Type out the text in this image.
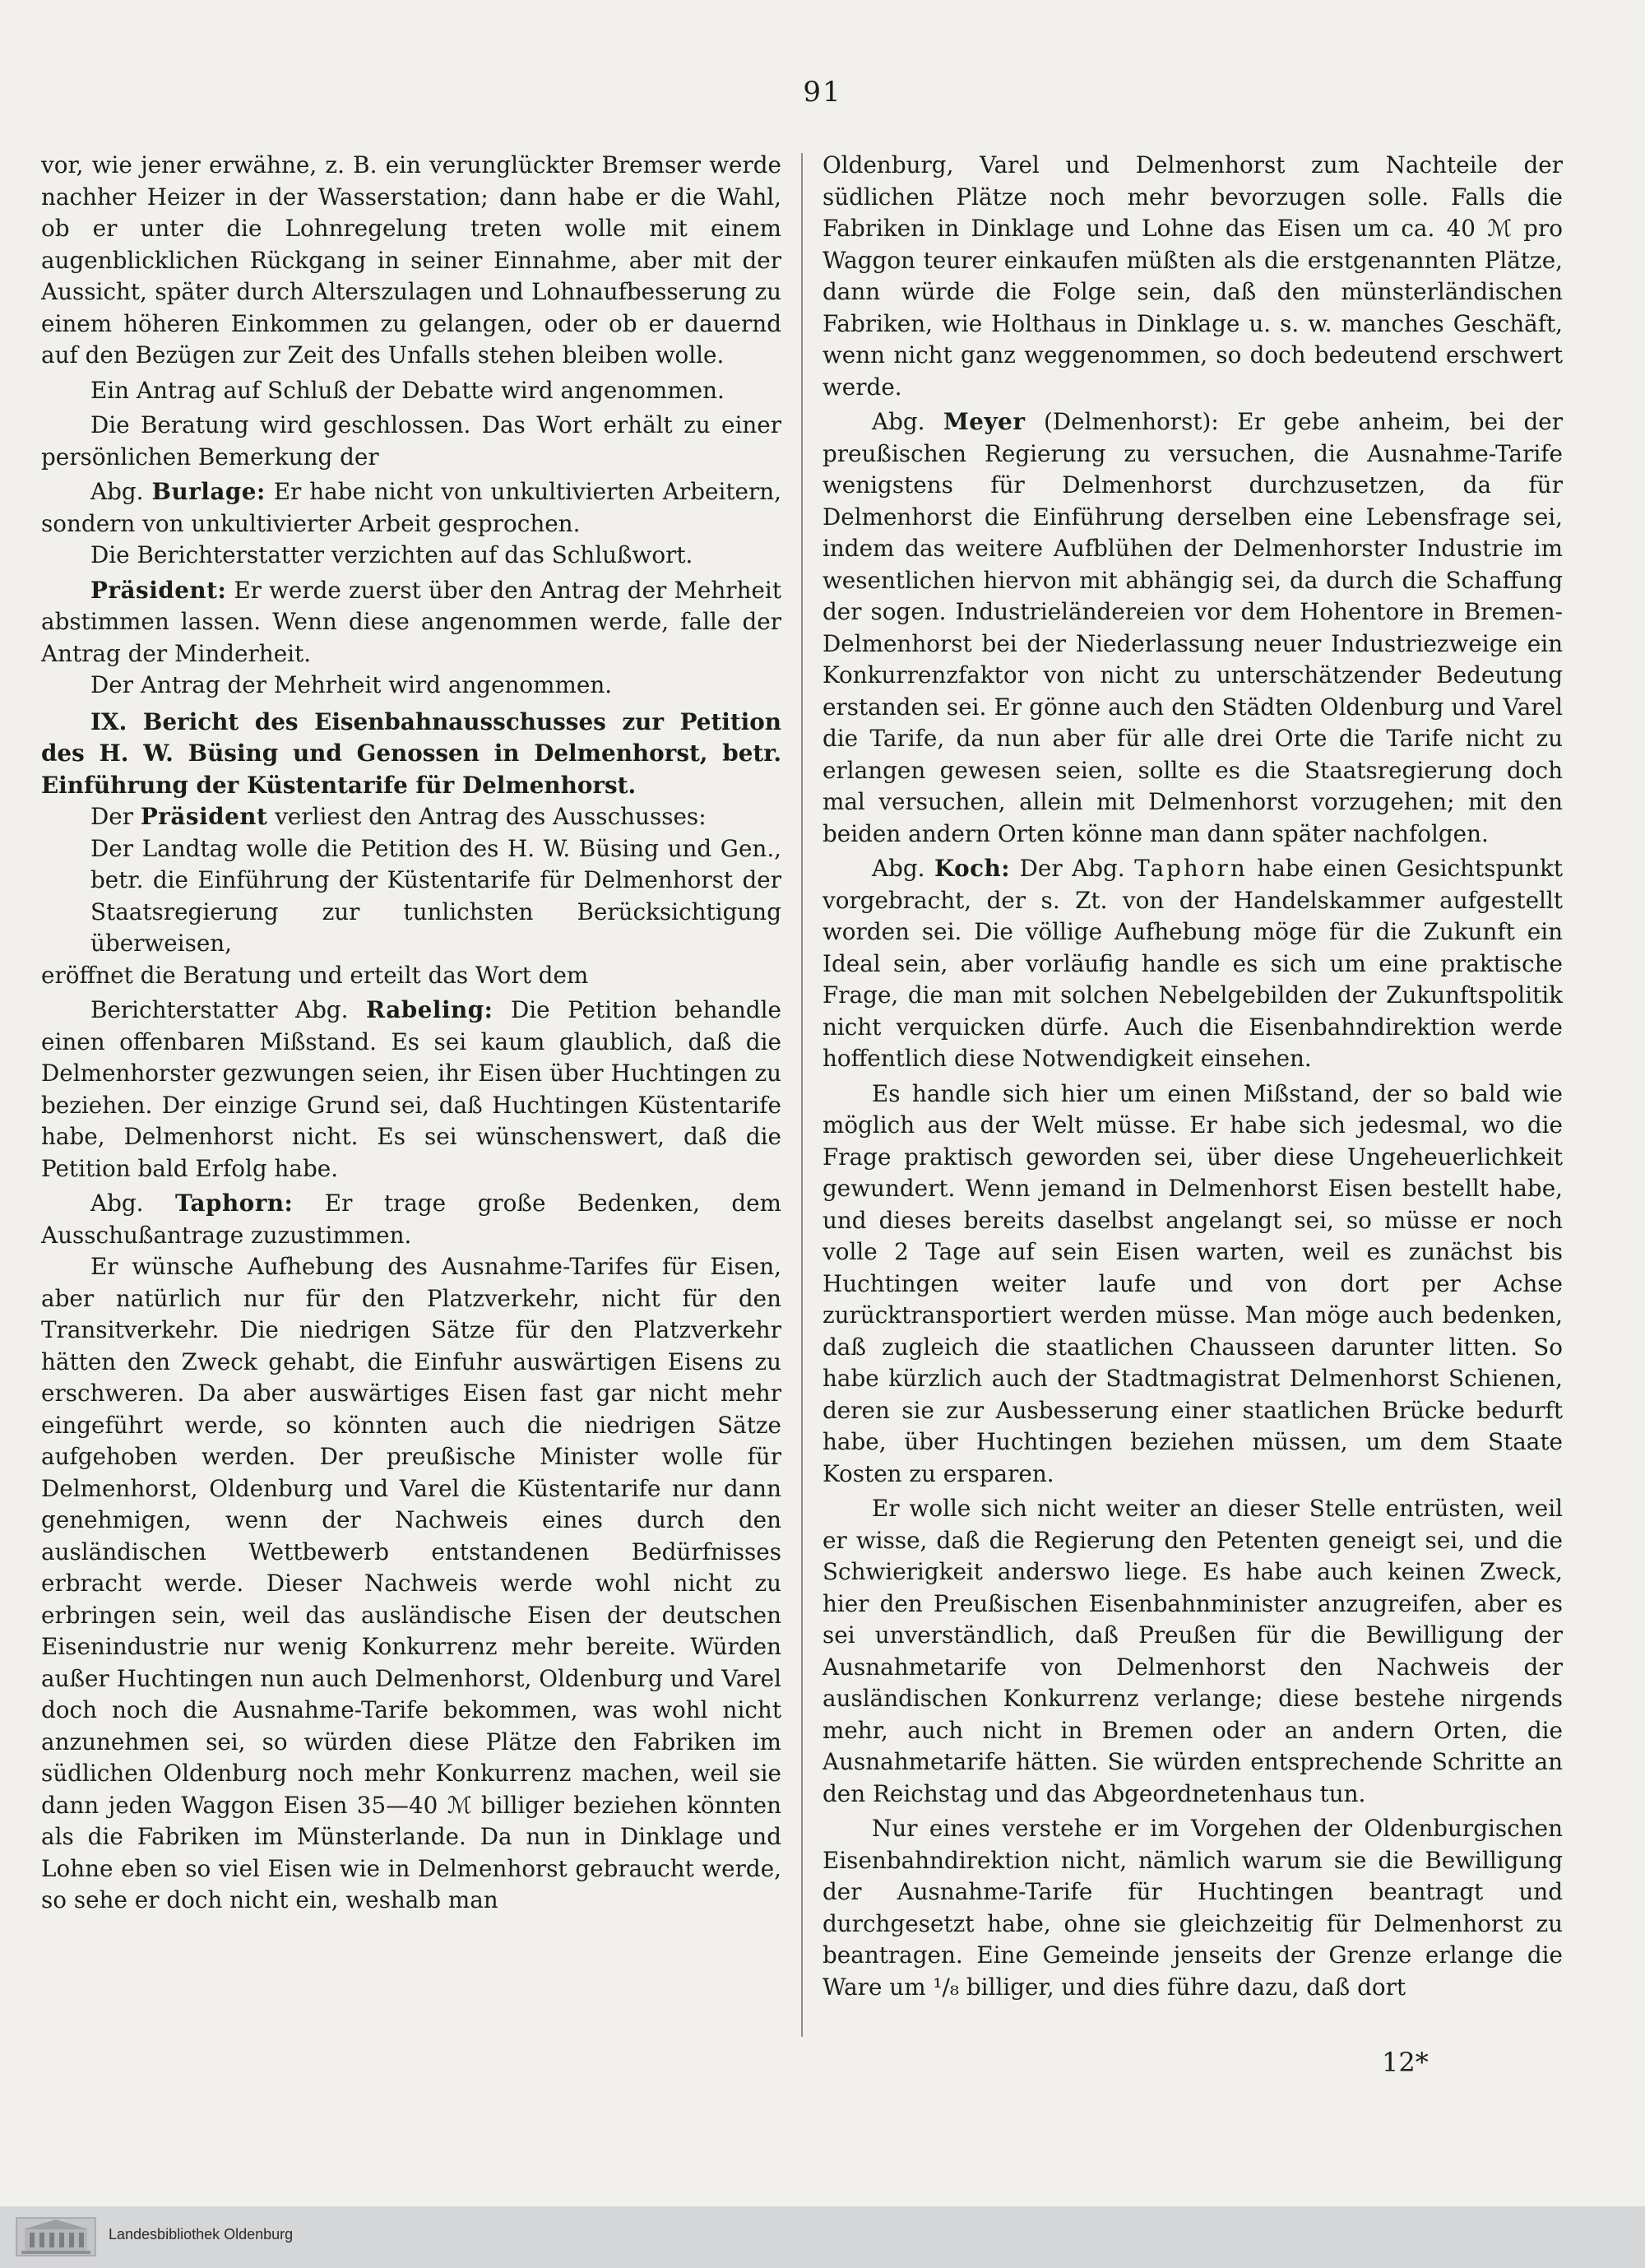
91

vor, wie jener erwähne, z. B. ein verunglückter Bremser werde nachher Heizer in der Wasserstation; dann habe er die Wahl, ob er unter die Lohnregelung treten wolle mit einem augenblicklichen Rückgang in seiner Einnahme, aber mit der Aussicht, später durch Alterszulagen und Lohnaufbesserung zu einem höheren Einkommen zu gelangen, oder ob er dauernd auf den Bezügen zur Zeit des Unfalls stehen bleiben wolle.

Ein Antrag auf Schluß der Debatte wird angenommen.

Die Beratung wird geschlossen. Das Wort erhält zu einer persönlichen Bemerkung der

Abg. Burlage: Er habe nicht von unkultivierten Arbeitern, sondern von unkultivierter Arbeit gesprochen.

Die Berichterstatter verzichten auf das Schlußwort.

Präsident: Er werde zuerst über den Antrag der Mehrheit abstimmen lassen. Wenn diese angenommen werde, falle der Antrag der Minderheit.

Der Antrag der Mehrheit wird angenommen.

IX. Bericht des Eisenbahnausschusses zur Petition des H. W. Büsing und Genossen in Delmenhorst, betr. Einführung der Küstentarife für Delmenhorst.

Der Präsident verliest den Antrag des Ausschusses:

Der Landtag wolle die Petition des H. W. Büsing und Gen., betr. die Einführung der Küstentarife für Delmenhorst der Staatsregierung zur tunlichsten Berücksichtigung überweisen,

eröffnet die Beratung und erteilt das Wort dem

Berichterstatter Abg. Rabeling: Die Petition behandle einen offenbaren Mißstand. Es sei kaum glaublich, daß die Delmenhorster gezwungen seien, ihr Eisen über Huchtingen zu beziehen. Der einzige Grund sei, daß Huchtingen Küstentarife habe, Delmenhorst nicht. Es sei wünschenswert, daß die Petition bald Erfolg habe.

Abg. Taphorn: Er trage große Bedenken, dem Ausschußantrage zuzustimmen.

Er wünsche Aufhebung des Ausnahme-Tarifes für Eisen, aber natürlich nur für den Platzverkehr, nicht für den Transitverkehr. Die niedrigen Sätze für den Platzverkehr hätten den Zweck gehabt, die Einfuhr auswärtigen Eisens zu erschweren. Da aber auswärtiges Eisen fast gar nicht mehr eingeführt werde, so könnten auch die niedrigen Sätze aufgehoben werden. Der preußische Minister wolle für Delmenhorst, Oldenburg und Varel die Küstentarife nur dann genehmigen, wenn der Nachweis eines durch den ausländischen Wettbewerb entstandenen Bedürfnisses erbracht werde. Dieser Nachweis werde wohl nicht zu erbringen sein, weil das ausländische Eisen der deutschen Eisenindustrie nur wenig Konkurrenz mehr bereite. Würden außer Huchtingen nun auch Delmenhorst, Oldenburg und Varel doch noch die Ausnahme-Tarife bekommen, was wohl nicht anzunehmen sei, so würden diese Plätze den Fabriken im südlichen Oldenburg noch mehr Konkurrenz machen, weil sie dann jeden Waggon Eisen 35—40 ℳ billiger beziehen könnten als die Fabriken im Münsterlande. Da nun in Dinklage und Lohne eben so viel Eisen wie in Delmenhorst gebraucht werde, so sehe er doch nicht ein, weshalb man

Oldenburg, Varel und Delmenhorst zum Nachteile der südlichen Plätze noch mehr bevorzugen solle. Falls die Fabriken in Dinklage und Lohne das Eisen um ca. 40 ℳ pro Waggon teurer einkaufen müßten als die erstgenannten Plätze, dann würde die Folge sein, daß den münsterländischen Fabriken, wie Holthaus in Dinklage u. s. w. manches Geschäft, wenn nicht ganz weggenommen, so doch bedeutend erschwert werde.

Abg. Meyer (Delmenhorst): Er gebe anheim, bei der preußischen Regierung zu versuchen, die Ausnahme-Tarife wenigstens für Delmenhorst durchzusetzen, da für Delmenhorst die Einführung derselben eine Lebensfrage sei, indem das weitere Aufblühen der Delmenhorster Industrie im wesentlichen hiervon mit abhängig sei, da durch die Schaffung der sogen. Industrieländereien vor dem Hohentore in Bremen-Delmenhorst bei der Niederlassung neuer Industriezweige ein Konkurrenzfaktor von nicht zu unterschätzender Bedeutung erstanden sei. Er gönne auch den Städten Oldenburg und Varel die Tarife, da nun aber für alle drei Orte die Tarife nicht zu erlangen gewesen seien, sollte es die Staatsregierung doch mal versuchen, allein mit Delmenhorst vorzugehen; mit den beiden andern Orten könne man dann später nachfolgen.

Abg. Koch: Der Abg. Taphorn habe einen Gesichtspunkt vorgebracht, der s. Zt. von der Handelskammer aufgestellt worden sei. Die völlige Aufhebung möge für die Zukunft ein Ideal sein, aber vorläufig handle es sich um eine praktische Frage, die man mit solchen Nebelgebilden der Zukunftspolitik nicht verquicken dürfe. Auch die Eisenbahndirektion werde hoffentlich diese Notwendigkeit einsehen.

Es handle sich hier um einen Mißstand, der so bald wie möglich aus der Welt müsse. Er habe sich jedesmal, wo die Frage praktisch geworden sei, über diese Ungeheuerlichkeit gewundert. Wenn jemand in Delmenhorst Eisen bestellt habe, und dieses bereits daselbst angelangt sei, so müsse er noch volle 2 Tage auf sein Eisen warten, weil es zunächst bis Huchtingen weiter laufe und von dort per Achse zurücktransportiert werden müsse. Man möge auch bedenken, daß zugleich die staatlichen Chausseen darunter litten. So habe kürzlich auch der Stadtmagistrat Delmenhorst Schienen, deren sie zur Ausbesserung einer staatlichen Brücke bedurft habe, über Huchtingen beziehen müssen, um dem Staate Kosten zu ersparen.

Er wolle sich nicht weiter an dieser Stelle entrüsten, weil er wisse, daß die Regierung den Petenten geneigt sei, und die Schwierigkeit anderswo liege. Es habe auch keinen Zweck, hier den Preußischen Eisenbahnminister anzugreifen, aber es sei unverständlich, daß Preußen für die Bewilligung der Ausnahmetarife von Delmenhorst den Nachweis der ausländischen Konkurrenz verlange; diese bestehe nirgends mehr, auch nicht in Bremen oder an andern Orten, die Ausnahmetarife hätten. Sie würden entsprechende Schritte an den Reichstag und das Abgeordnetenhaus tun.

Nur eines verstehe er im Vorgehen der Oldenburgischen Eisenbahndirektion nicht, nämlich warum sie die Bewilligung der Ausnahme-Tarife für Huchtingen beantragt und durchgesetzt habe, ohne sie gleichzeitig für Delmenhorst zu beantragen. Eine Gemeinde jenseits der Grenze erlange die Ware um ¹/₈ billiger, und dies führe dazu, daß dort

12*
Landesbibliothek Oldenburg
